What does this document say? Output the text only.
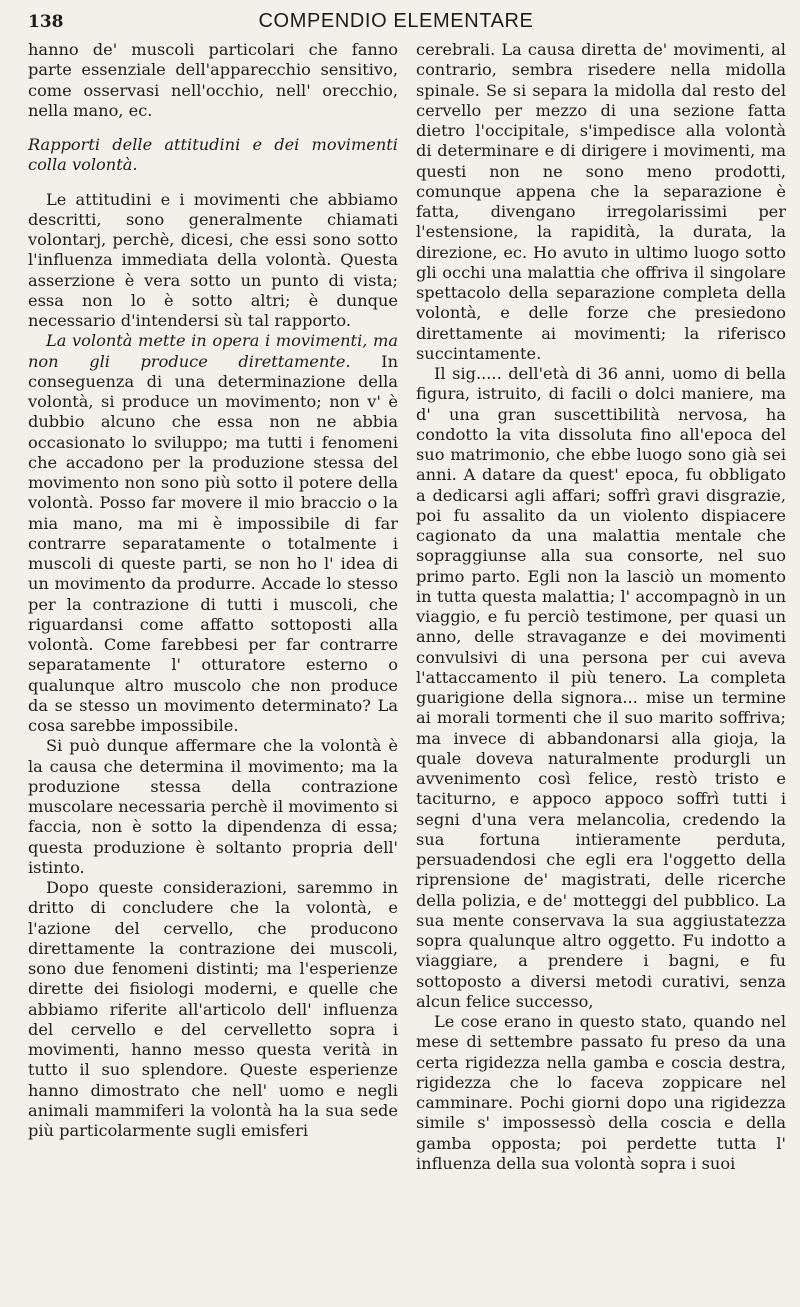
138	COMPENDIO ELEMENTARE

hanno de' muscoli particolari che fanno parte essenziale dell'apparecchio sensitivo, come osservasi nell'occhio, nell' orecchio, nella mano, ec.

Rapporti delle attitudini e dei movimenti colla volontà.

Le attitudini e i movimenti che abbiamo descritti, sono generalmente chiamati volontarj, perchè, dicesi, che essi sono sotto l'influenza immediata della volontà. Questa asserzione è vera sotto un punto di vista; essa non lo è sotto altri; è dunque necessario d'intendersi sù tal rapporto.

La volontà mette in opera i movimenti, ma non gli produce direttamente. In conseguenza di una determinazione della volontà, si produce un movimento; non v' è dubbio alcuno che essa non ne abbia occasionato lo sviluppo; ma tutti i fenomeni che accadono per la produzione stessa del movimento non sono più sotto il potere della volontà. Posso far movere il mio braccio o la mia mano, ma mi è impossibile di far contrarre separatamente o totalmente i muscoli di queste parti, se non ho l' idea di un movimento da produrre. Accade lo stesso per la contrazione di tutti i muscoli, che riguardansi come affatto sottoposti alla volontà. Come farebbesi per far contrarre separatamente l' otturatore esterno o qualunque altro muscolo che non produce da se stesso un movimento determinato? La cosa sarebbe impossibile.

Si può dunque affermare che la volontà è la causa che determina il movimento; ma la produzione stessa della contrazione muscolare necessaria perchè il movimento si faccia, non è sotto la dipendenza di essa; questa produzione è soltanto propria dell' istinto.

Dopo queste considerazioni, saremmo in dritto di concludere che la volontà, e l'azione del cervello, che producono direttamente la contrazione dei muscoli, sono due fenomeni distinti; ma l'esperienze dirette dei fisiologi moderni, e quelle che abbiamo riferite all'articolo dell' influenza del cervello e del cervelletto sopra i movimenti, hanno messo questa verità in tutto il suo splendore. Queste esperienze hanno dimostrato che nell' uomo e negli animali mammiferi la volontà ha la sua sede più particolarmente sugli emisferi

cerebrali. La causa diretta de' movimenti, al contrario, sembra risedere nella midolla spinale. Se si separa la midolla dal resto del cervello per mezzo di una sezione fatta dietro l'occipitale, s'impedisce alla volontà di determinare e di dirigere i movimenti, ma questi non ne sono meno prodotti, comunque appena che la separazione è fatta, divengano irregolarissimi per l'estensione, la rapidità, la durata, la direzione, ec. Ho avuto in ultimo luogo sotto gli occhi una malattia che offriva il singolare spettacolo della separazione completa della volontà, e delle forze che presiedono direttamente ai movimenti; la riferisco succintamente.

Il sig..... dell'età di 36 anni, uomo di bella figura, istruito, di facili o dolci maniere, ma d' una gran suscettibilità nervosa, ha condotto la vita dissoluta fino all'epoca del suo matrimonio, che ebbe luogo sono già sei anni. A datare da quest' epoca, fu obbligato a dedicarsi agli affari; soffrì gravi disgrazie, poi fu assalito da un violento dispiacere cagionato da una malattia mentale che sopraggiunse alla sua consorte, nel suo primo parto. Egli non la lasciò un momento in tutta questa malattia; l' accompagnò in un viaggio, e fu perciò testimone, per quasi un anno, delle stravaganze e dei movimenti convulsivi di una persona per cui aveva l'attaccamento il più tenero. La completa guarigione della signora... mise un termine ai morali tormenti che il suo marito soffriva; ma invece di abbandonarsi alla gioja, la quale doveva naturalmente produrgli un avvenimento così felice, restò tristo e taciturno, e appoco appoco soffrì tutti i segni d'una vera melancolia, credendo la sua fortuna intieramente perduta, persuadendosi che egli era l'oggetto della riprensione de' magistrati, delle ricerche della polizia, e de' motteggi del pubblico. La sua mente conservava la sua aggiustatezza sopra qualunque altro oggetto. Fu indotto a viaggiare, a prendere i bagni, e fu sottoposto a diversi metodi curativi, senza alcun felice successo,

Le cose erano in questo stato, quando nel mese di settembre passato fu preso da una certa rigidezza nella gamba e coscia destra, rigidezza che lo faceva zoppicare nel camminare. Pochi giorni dopo una rigidezza simile s' impossessò della coscia e della gamba opposta; poi perdette tutta l' influenza della sua volontà sopra i suoi
